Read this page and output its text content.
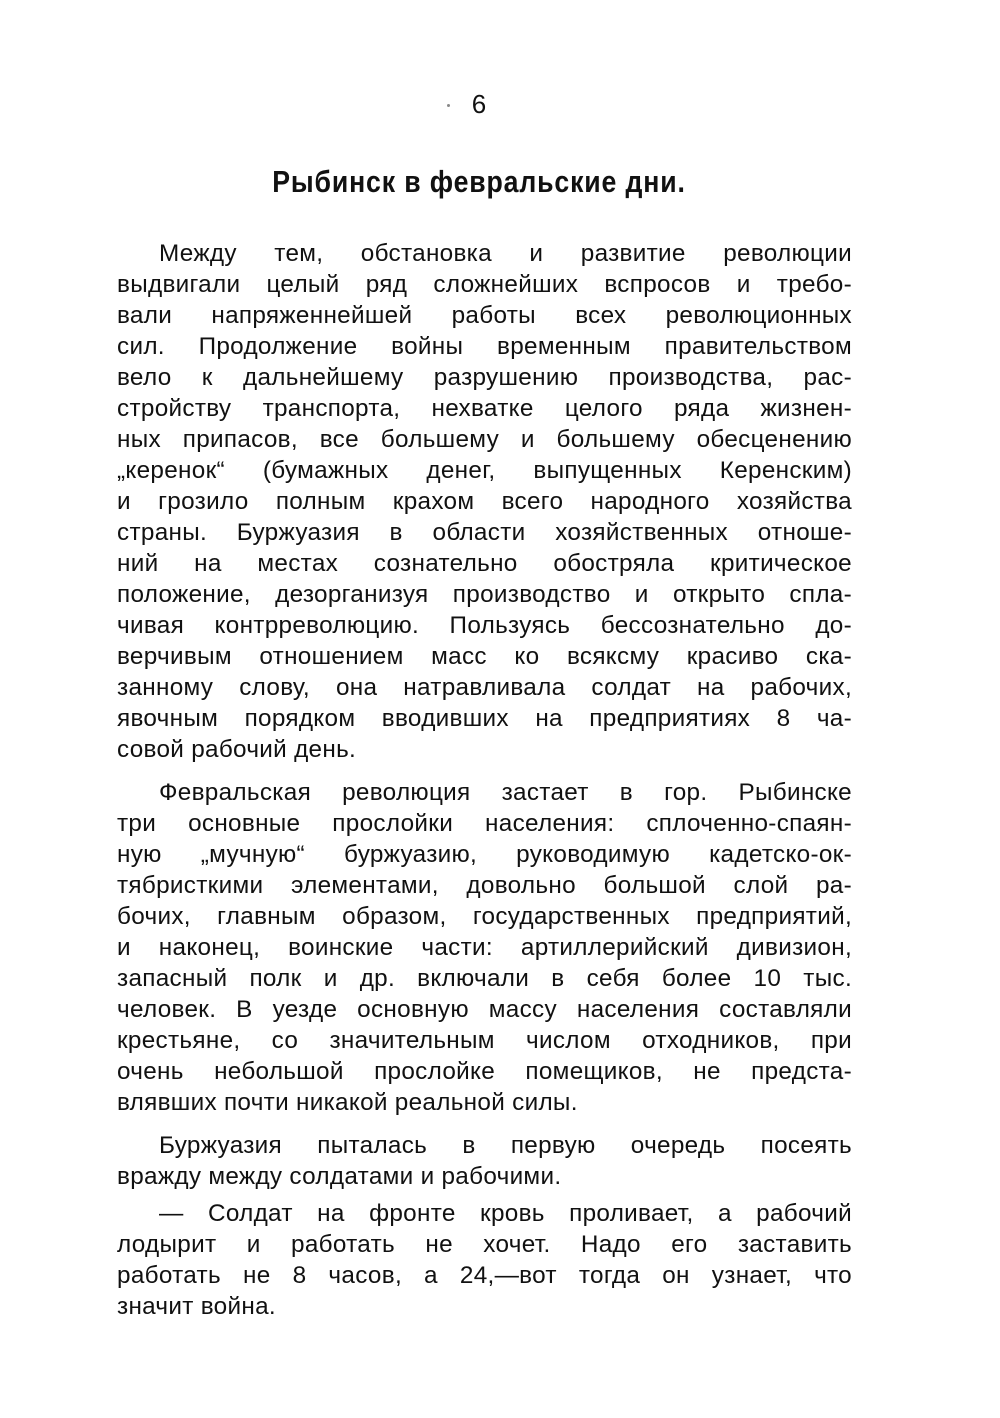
6
Рыбинск в февральские дни.
Между тем, обстановка и развитие революции
выдвигали целый ряд сложнейших вспросов и требо-
вали напряженнейшей работы всех революционных
сил. Продолжение войны временным правительством
вело к дальнейшему разрушению производства, рас-
стройству транспорта, нехватке целого ряда жизнен-
ных припасов, все большему и большему обесценению
„керенок“ (бумажных денег, выпущенных Керенским)
и грозило полным крахом всего народного хозяйства
страны. Буржуазия в области хозяйственных отноше-
ний на местах сознательно обостряла критическое
положение, дезорганизуя производство и открыто спла-
чивая контрреволюцию. Пользуясь бессознательно до-
верчивым отношением масс ко всяксму красиво ска-
занному слову, она натравливала солдат на рабочих,
явочным порядком вводивших на предприятиях 8 ча-
совой рабочий день.
Февральская революция застает в гор. Рыбинске
три основные прослойки населения: сплоченно-спаян-
ную „мучную“ буржуазию, руководимую кадетско-ок-
тябристкими элементами, довольно большой слой ра-
бочих, главным образом, государственных предприятий,
и наконец, воинские части: артиллерийский дивизион,
запасный полк и др. включали в себя более 10 тыс.
человек. В уезде основную массу населения составляли
крестьяне, со значительным числом отходников, при
очень небольшой прослойке помещиков, не предста-
влявших почти никакой реальной силы.
Буржуазия пыталась в первую очередь посеять
вражду между солдатами и рабочими.
— Солдат на фронте кровь проливает, а рабочий
лодырит и работать не хочет. Надо его заставить
работать не 8 часов, а 24,—вот тогда он узнает, что
значит война.
